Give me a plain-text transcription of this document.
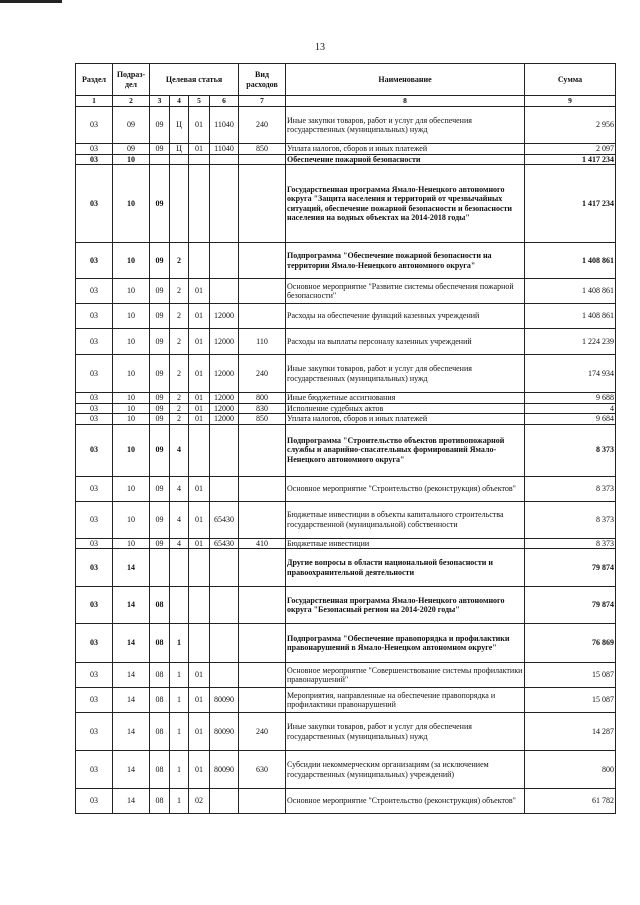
13
Раздел	Подраз-дел	Целевая статья				Вид расходов	Наименование	Сумма
1	2	3	4	5	6	7	8	9
03	09	09	Ц	01	11040	240	Иные закупки товаров, работ и услуг для обеспечения государственных (муниципальных) нужд	2 956
03	09	09	Ц	01	11040	850	Уплата налогов, сборов и иных платежей	2 097
03	10						Обеспечение пожарной безопасности	1 417 234
03	10	09					Государственная программа Ямало-Ненецкого автономного округа "Защита населения и территорий от чрезвычайных ситуаций, обеспечение пожарной безопасности и безопасности населения на водных объектах на 2014-2018 годы"	1 417 234
03	10	09	2				Подпрограмма "Обеспечение пожарной безопасности на территории Ямало-Ненецкого автономного округа"	1 408 861
03	10	09	2	01			Основное мероприятие "Развитие системы обеспечения пожарной безопасности"	1 408 861
03	10	09	2	01	12000		Расходы на обеспечение функций казенных учреждений	1 408 861
03	10	09	2	01	12000	110	Расходы на выплаты персоналу казенных учреждений	1 224 239
03	10	09	2	01	12000	240	Иные закупки товаров, работ и услуг для обеспечения государственных (муниципальных) нужд	174 934
03	10	09	2	01	12000	800	Иные бюджетные ассигнования	9 688
03	10	09	2	01	12000	830	Исполнение судебных актов	4
03	10	09	2	01	12000	850	Уплата налогов, сборов и иных платежей	9 684
03	10	09	4				Подпрограмма "Строительство объектов противопожарной службы и аварийно-спасательных формирований Ямало-Ненецкого автономного округа"	8 373
03	10	09	4	01			Основное мероприятие "Строительство (реконструкция) объектов"	8 373
03	10	09	4	01	65430		Бюджетные инвестиции в объекты капитального строительства государственной (муниципальной) собственности	8 373
03	10	09	4	01	65430	410	Бюджетные инвестиции	8 373
03	14						Другие вопросы в области национальной безопасности и правоохранительной деятельности	79 874
03	14	08					Государственная программа Ямало-Ненецкого автономного округа "Безопасный регион на 2014-2020 годы"	79 874
03	14	08	1				Подпрограмма "Обеспечение правопорядка и профилактики правонарушений в Ямало-Ненецком автономном округе"	76 869
03	14	08	1	01			Основное мероприятие "Совершенствование системы профилактики правонарушений"	15 087
03	14	08	1	01	80090		Мероприятия, направленные на обеспечение правопорядка и профилактики правонарушений	15 087
03	14	08	1	01	80090	240	Иные закупки товаров, работ и услуг для обеспечения государственных (муниципальных) нужд	14 287
03	14	08	1	01	80090	630	Субсидии некоммерческим организациям (за исключением государственных (муниципальных) учреждений)	800
03	14	08	1	02			Основное мероприятие "Строительство (реконструкция) объектов"	61 782
